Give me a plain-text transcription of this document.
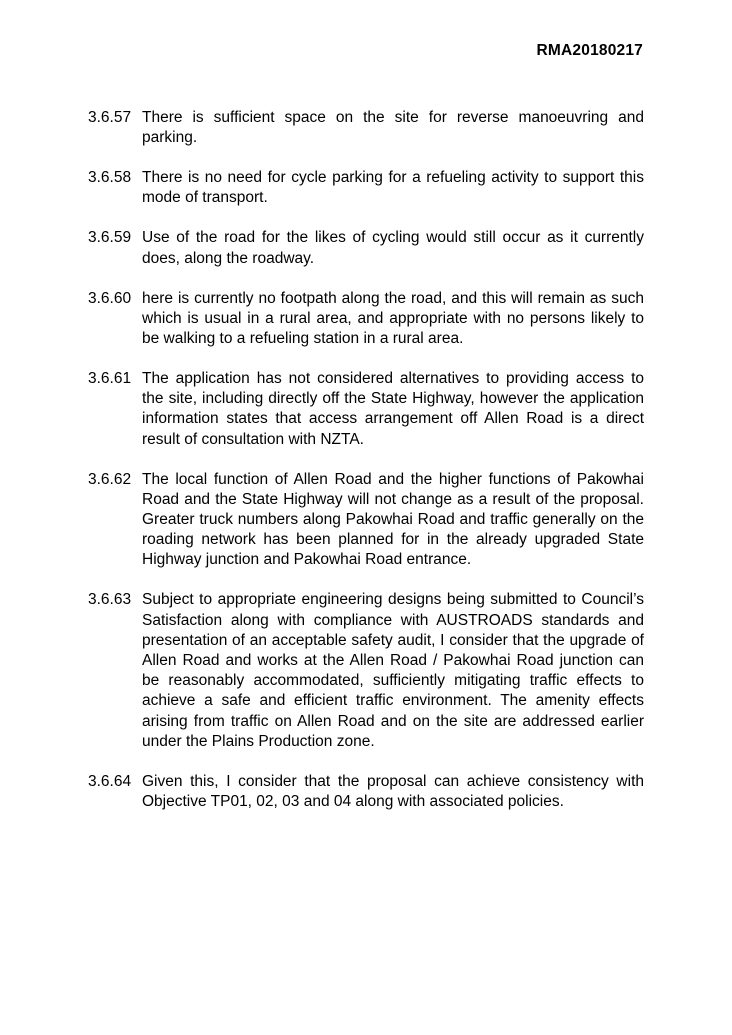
RMA20180217
3.6.57 There is sufficient space on the site for reverse manoeuvring and parking.
3.6.58 There is no need for cycle parking for a refueling activity to support this mode of transport.
3.6.59 Use of the road for the likes of cycling would still occur as it currently does, along the roadway.
3.6.60 here is currently no footpath along the road, and this will remain as such which is usual in a rural area, and appropriate with no persons likely to be walking to a refueling station in a rural area.
3.6.61 The application has not considered alternatives to providing access to the site, including directly off the State Highway, however the application information states that access arrangement off Allen Road is a direct result of consultation with NZTA.
3.6.62 The local function of Allen Road and the higher functions of Pakowhai Road and the State Highway will not change as a result of the proposal. Greater truck numbers along Pakowhai Road and traffic generally on the roading network has been planned for in the already upgraded State Highway junction and Pakowhai Road entrance.
3.6.63 Subject to appropriate engineering designs being submitted to Council’s Satisfaction along with compliance with AUSTROADS standards and presentation of an acceptable safety audit, I consider that the upgrade of Allen Road and works at the Allen Road / Pakowhai Road junction can be reasonably accommodated, sufficiently mitigating traffic effects to achieve a safe and efficient traffic environment. The amenity effects arising from traffic on Allen Road and on the site are addressed earlier under the Plains Production zone.
3.6.64 Given this, I consider that the proposal can achieve consistency with Objective TP01, 02, 03 and 04 along with associated policies.
